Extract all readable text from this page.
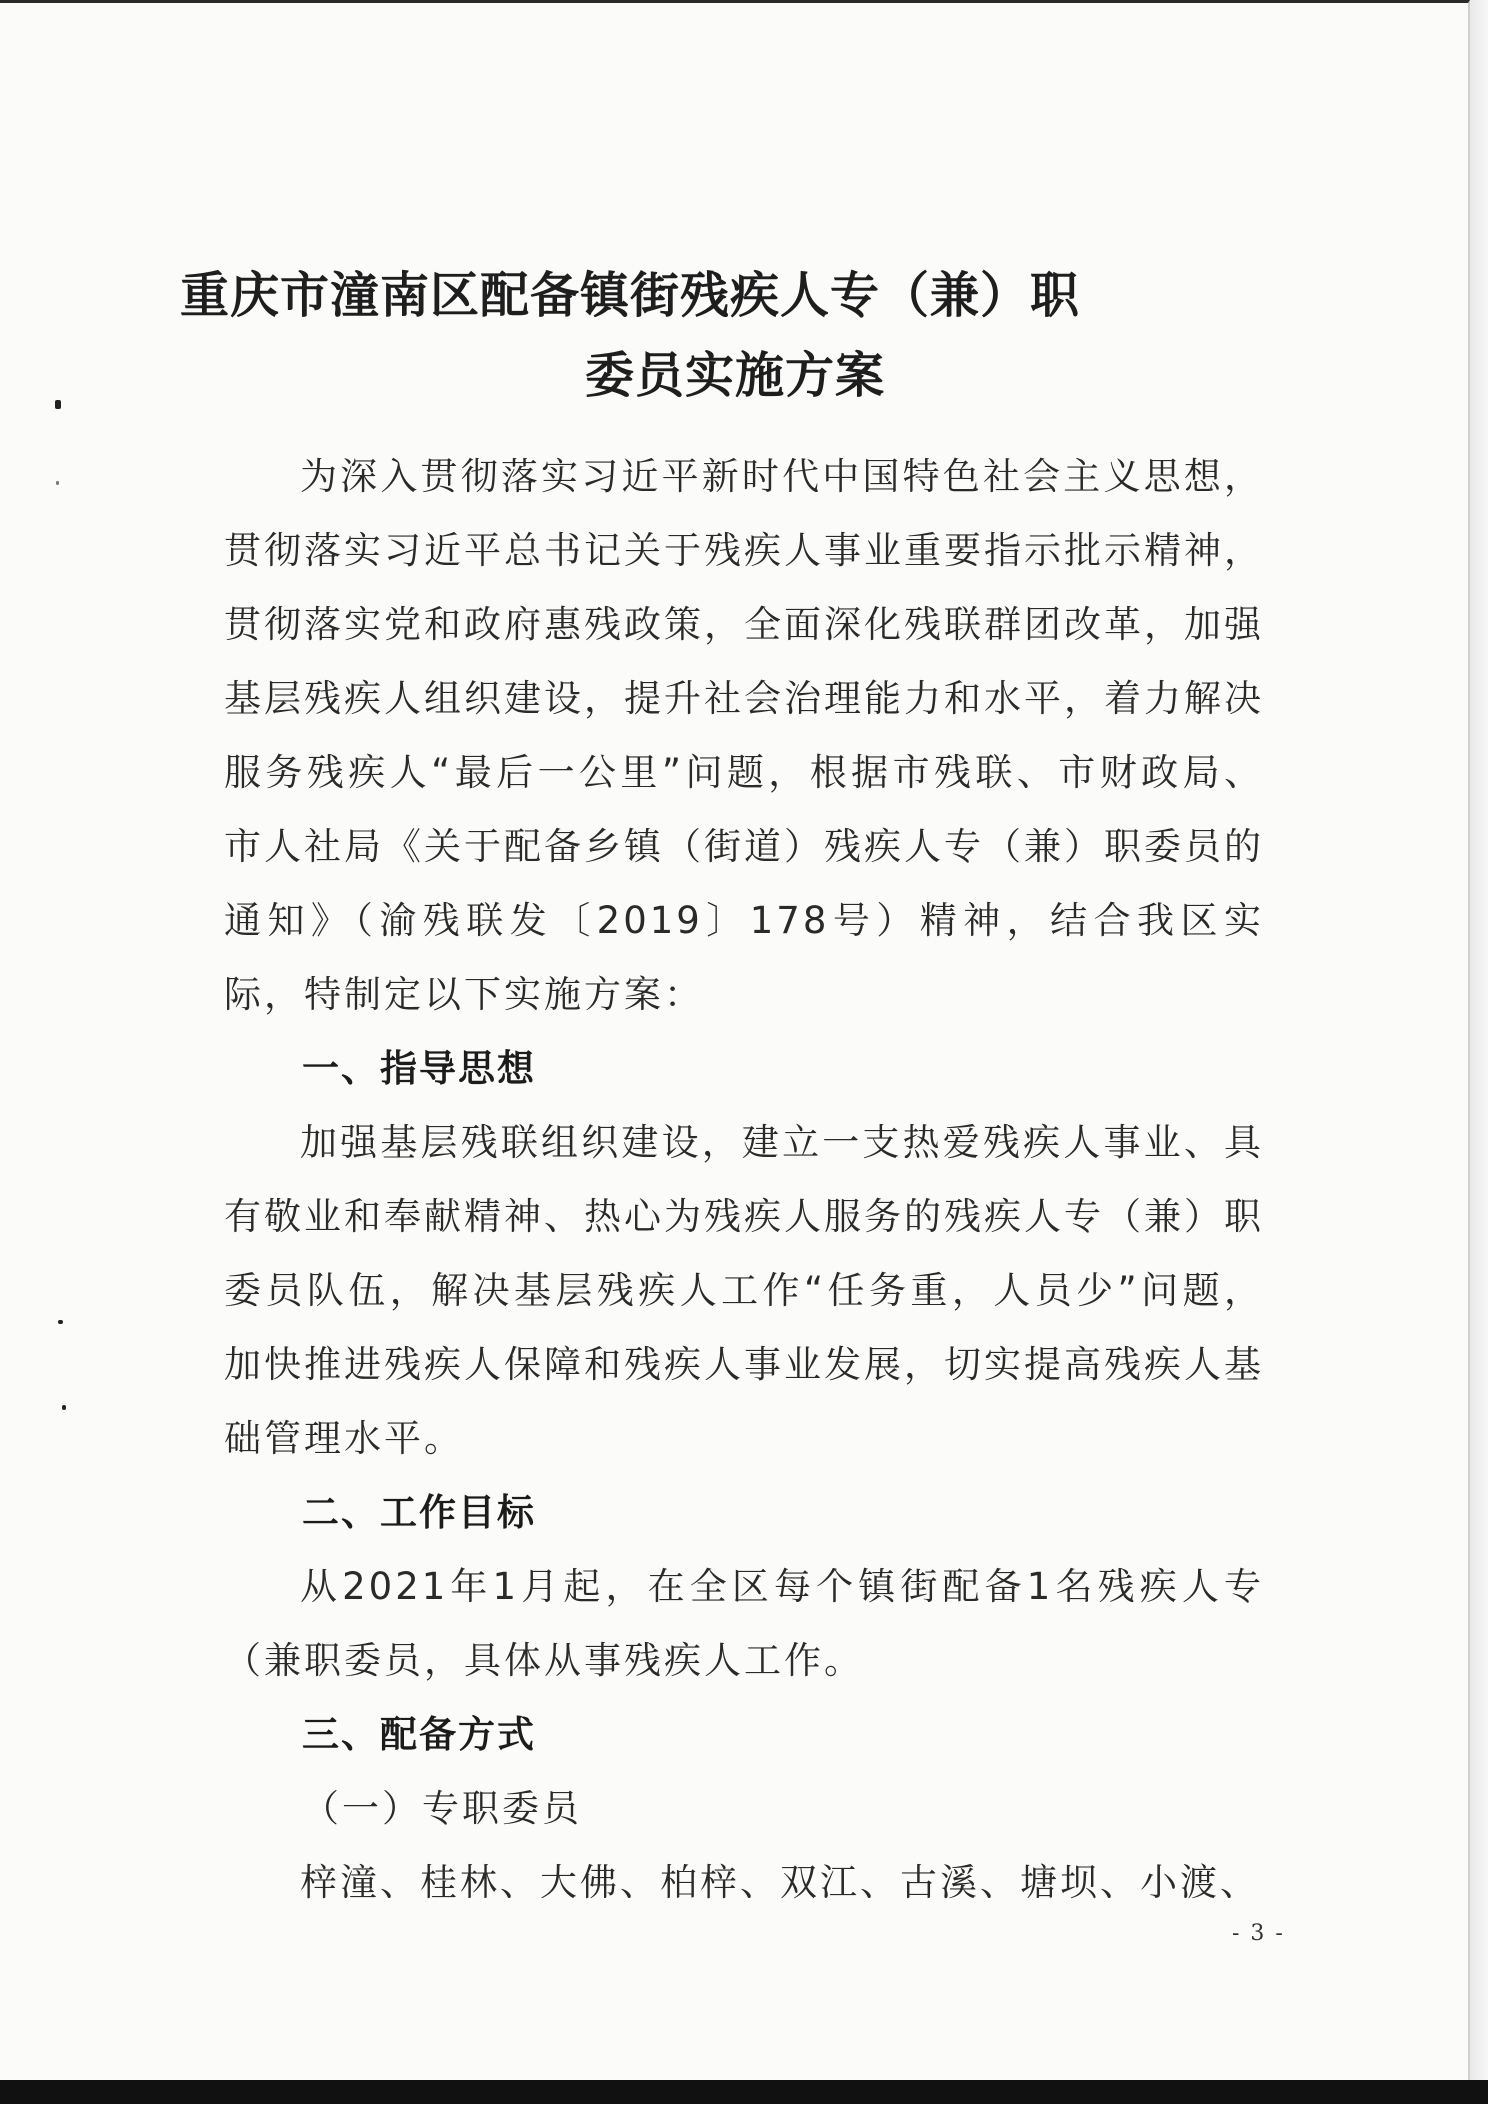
重庆市潼南区配备镇街残疾人专（兼）职
委员实施方案

为深入贯彻落实习近平新时代中国特色社会主义思想，贯彻落实习近平总书记关于残疾人事业重要指示批示精神，贯彻落实党和政府惠残政策，全面深化残联群团改革，加强基层残疾人组织建设，提升社会治理能力和水平，着力解决服务残疾人“最后一公里”问题，根据市残联、市财政局、市人社局《关于配备乡镇（街道）残疾人专（兼）职委员的通知》（渝残联发〔2019〕178号）精神，结合我区实际，特制定以下实施方案：

一、指导思想

加强基层残联组织建设，建立一支热爱残疾人事业、具有敬业和奉献精神、热心为残疾人服务的残疾人专（兼）职委员队伍，解决基层残疾人工作“任务重，人员少”问题，加快推进残疾人保障和残疾人事业发展，切实提高残疾人基础管理水平。

二、工作目标

从2021年1月起，在全区每个镇街配备1名残疾人专（兼职委员，具体从事残疾人工作。

三、配备方式

（一）专职委员

梓潼、桂林、大佛、柏梓、双江、古溪、塘坝、小渡、

- 3 -
